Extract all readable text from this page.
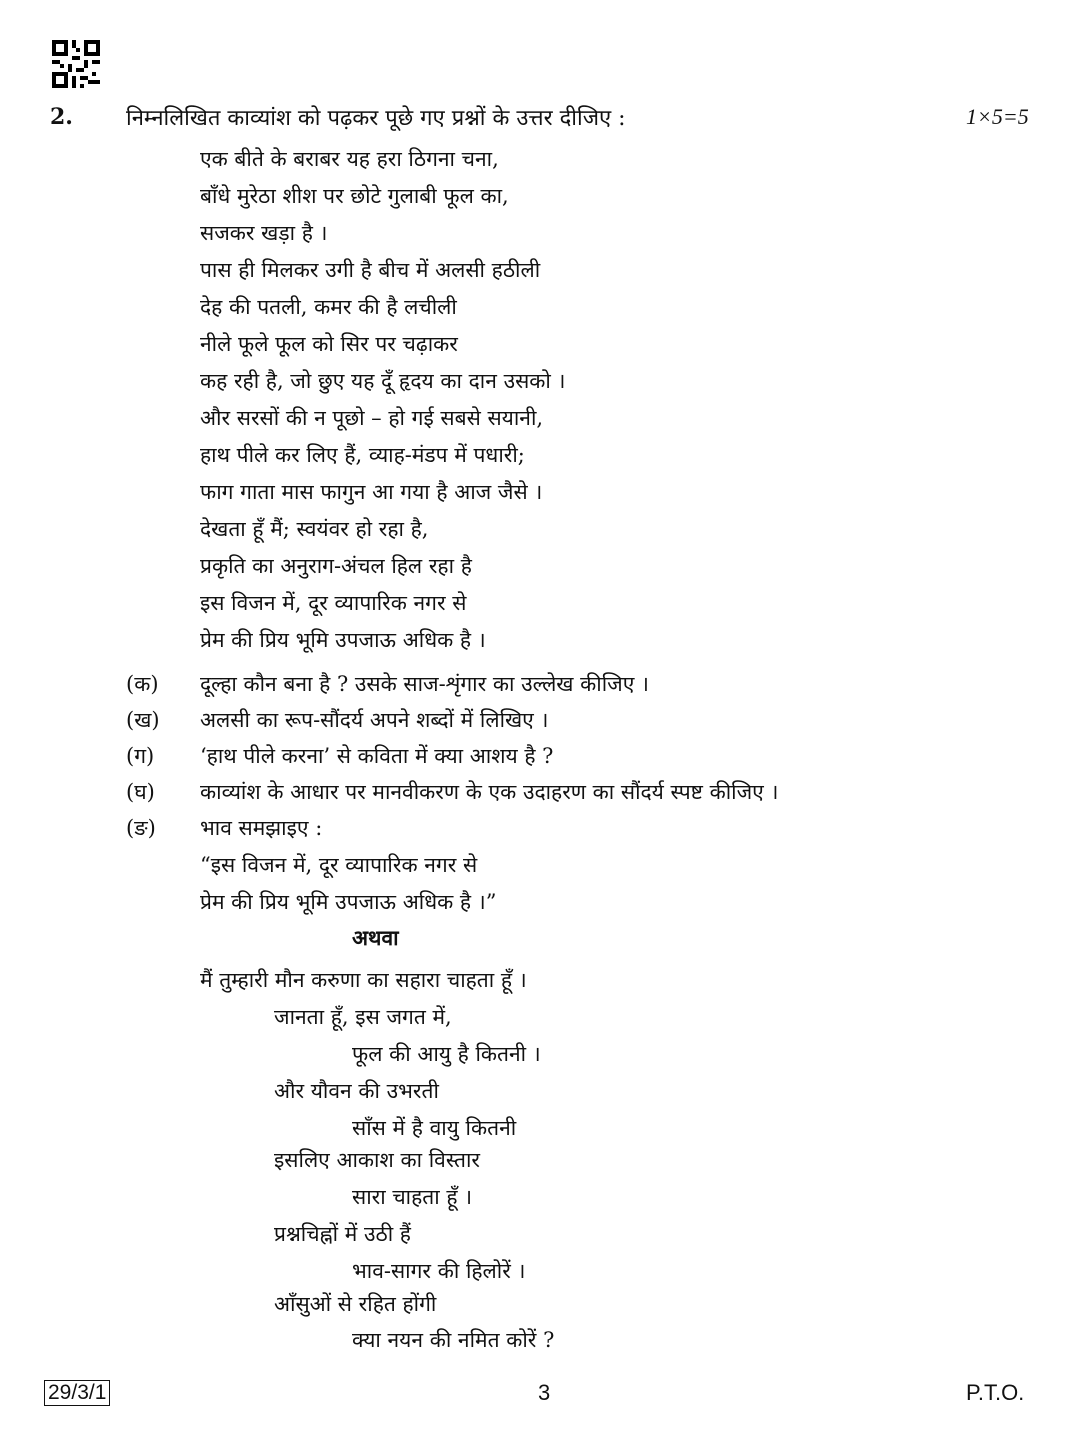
2. निम्नलिखित काव्यांश को पढ़कर पूछे गए प्रश्नों के उत्तर दीजिए :	1×5=5
एक बीते के बराबर यह हरा ठिगना चना,
बाँधे मुरेठा शीश पर छोटे गुलाबी फूल का,
सजकर खड़ा है ।
पास ही मिलकर उगी है बीच में अलसी हठीली
देह की पतली, कमर की है लचीली
नीले फूले फूल को सिर पर चढ़ाकर
कह रही है, जो छुए यह दूँ हृदय का दान उसको ।
और सरसों की न पूछो – हो गई सबसे सयानी,
हाथ पीले कर लिए हैं, व्याह-मंडप में पधारी;
फाग गाता मास फागुन आ गया है आज जैसे ।
देखता हूँ मैं; स्वयंवर हो रहा है,
प्रकृति का अनुराग-अंचल हिल रहा है
इस विजन में, दूर व्यापारिक नगर से
प्रेम की प्रिय भूमि उपजाऊ अधिक है ।
(क) दूल्हा कौन बना है ? उसके साज-शृंगार का उल्लेख कीजिए ।
(ख) अलसी का रूप-सौंदर्य अपने शब्दों में लिखिए ।
(ग) ‘हाथ पीले करना’ से कविता में क्या आशय है ?
(घ) काव्यांश के आधार पर मानवीकरण के एक उदाहरण का सौंदर्य स्पष्ट कीजिए ।
(ङ) भाव समझाइए :
“इस विजन में, दूर व्यापारिक नगर से
प्रेम की प्रिय भूमि उपजाऊ अधिक है ।”
अथवा
मैं तुम्हारी मौन करुणा का सहारा चाहता हूँ ।
29/3/1	3	P.T.O.
जानता हूँ, इस जगत में,
फूल की आयु है कितनी ।
और यौवन की उभरती
साँस में है वायु कितनी
इसलिए आकाश का विस्तार
सारा चाहता हूँ ।
प्रश्नचिह्नों में उठी हैं
भाव-सागर की हिलोरें ।
आँसुओं से रहित होंगी
क्या नयन की नमित कोरें ?
